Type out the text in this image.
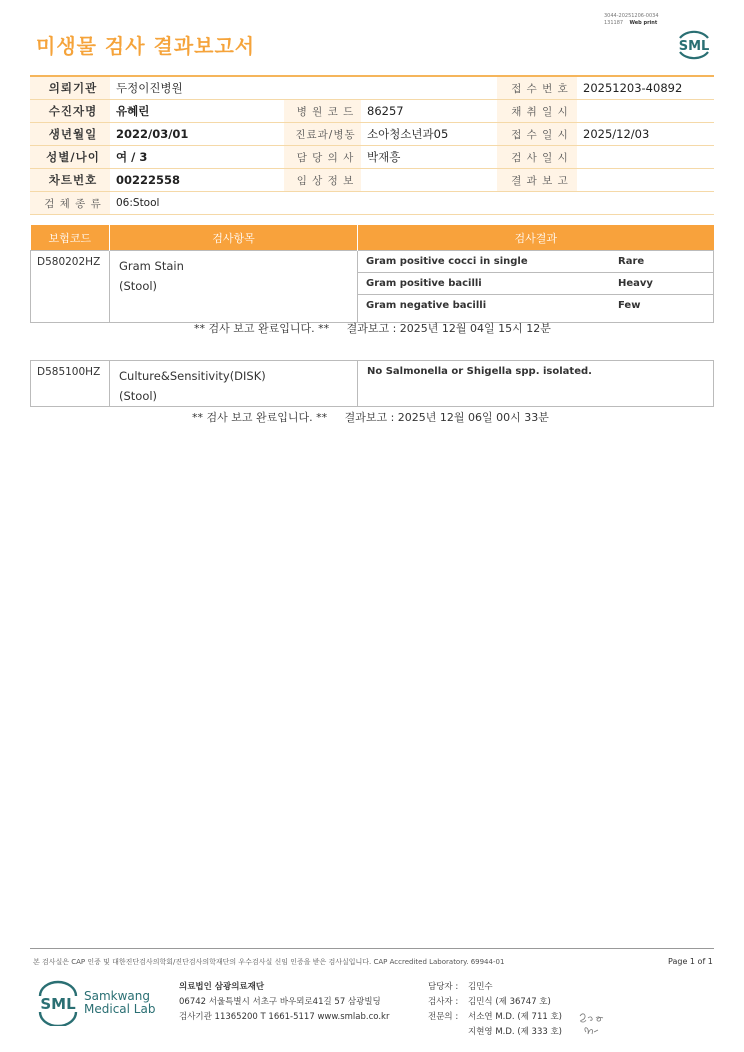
미생물 검사 결과보고서
3044-20251206-0034
131187 Web print
SML
의뢰기관	두정이진병원			접 수 번 호	20251203-40892
수진자명	유혜린	병 원 코 드	86257	채 취 일 시	
생년월일	2022/03/01	진료과/병동	소아청소년과05	접 수 일 시	2025/12/03
성별/나이	여 / 3	담 당 의 사	박재흥	검 사 일 시	
차트번호	00222558	임 상 정 보		결 과 보 고	
검 체 종 류	06:Stool				
보험코드	검사항목	검사결과
D580202HZ	Gram Stain
(Stool)

Gram positive cocci in single	Rare
Gram positive bacilli	Heavy
Gram negative bacilli	Few
** 검사 보고 완료입니다. ** 결과보고 : 2025년 12월 04일 15시 12분
D585100HZ	Culture&Sensitivity(DISK)
(Stool)
	No Salmonella or Shigella spp. isolated.
** 검사 보고 완료입니다. ** 결과보고 : 2025년 12월 06일 00시 33분
본 검사실은 CAP 인증 및 대한진단검사의학회/진단검사의학재단의 우수검사실 신임 인증을 받은 검사실입니다. CAP Accredited Laboratory. 69944-01	Page 1 of 1
SML Samkwang
Medical Lab
의료법인 삼광의료재단
06742 서울특별시 서초구 바우뫼로41길 57 삼광빌딩
검사기관 11365200 T 1661-5117 www.smlab.co.kr
담당자 : 김민수
검사자 : 김민식 (제 36747 호)
전문의 : 서소연 M.D. (제 711 호)
지현영 M.D. (제 333 호)
